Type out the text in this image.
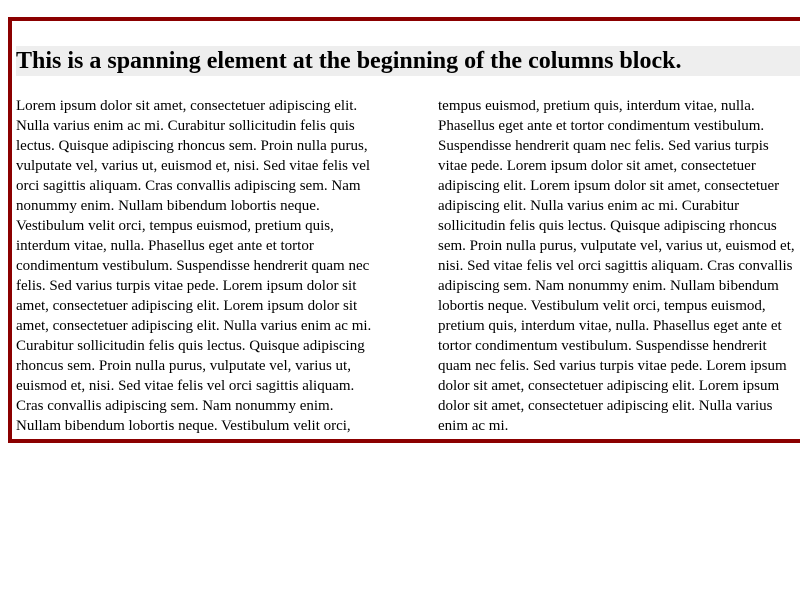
This is a spanning element at the beginning of the columns block.
Lorem ipsum dolor sit amet, consectetuer adipiscing elit.
Nulla varius enim ac mi. Curabitur sollicitudin felis quis
lectus. Quisque adipiscing rhoncus sem. Proin nulla purus,
vulputate vel, varius ut, euismod et, nisi. Sed vitae felis vel
orci sagittis aliquam. Cras convallis adipiscing sem. Nam
nonummy enim. Nullam bibendum lobortis neque.
Vestibulum velit orci, tempus euismod, pretium quis,
interdum vitae, nulla. Phasellus eget ante et tortor
condimentum vestibulum. Suspendisse hendrerit quam nec
felis. Sed varius turpis vitae pede. Lorem ipsum dolor sit
amet, consectetuer adipiscing elit. Lorem ipsum dolor sit
amet, consectetuer adipiscing elit. Nulla varius enim ac mi.
Curabitur sollicitudin felis quis lectus. Quisque adipiscing
rhoncus sem. Proin nulla purus, vulputate vel, varius ut,
euismod et, nisi. Sed vitae felis vel orci sagittis aliquam.
Cras convallis adipiscing sem. Nam nonummy enim.
Nullam bibendum lobortis neque. Vestibulum velit orci,
tempus euismod, pretium quis, interdum vitae, nulla.
Phasellus eget ante et tortor condimentum vestibulum.
Suspendisse hendrerit quam nec felis. Sed varius turpis
vitae pede. Lorem ipsum dolor sit amet, consectetuer
adipiscing elit. Lorem ipsum dolor sit amet, consectetuer
adipiscing elit. Nulla varius enim ac mi. Curabitur
sollicitudin felis quis lectus. Quisque adipiscing rhoncus
sem. Proin nulla purus, vulputate vel, varius ut, euismod et,
nisi. Sed vitae felis vel orci sagittis aliquam. Cras convallis
adipiscing sem. Nam nonummy enim. Nullam bibendum
lobortis neque. Vestibulum velit orci, tempus euismod,
pretium quis, interdum vitae, nulla. Phasellus eget ante et
tortor condimentum vestibulum. Suspendisse hendrerit
quam nec felis. Sed varius turpis vitae pede. Lorem ipsum
dolor sit amet, consectetuer adipiscing elit. Lorem ipsum
dolor sit amet, consectetuer adipiscing elit. Nulla varius
enim ac mi.
